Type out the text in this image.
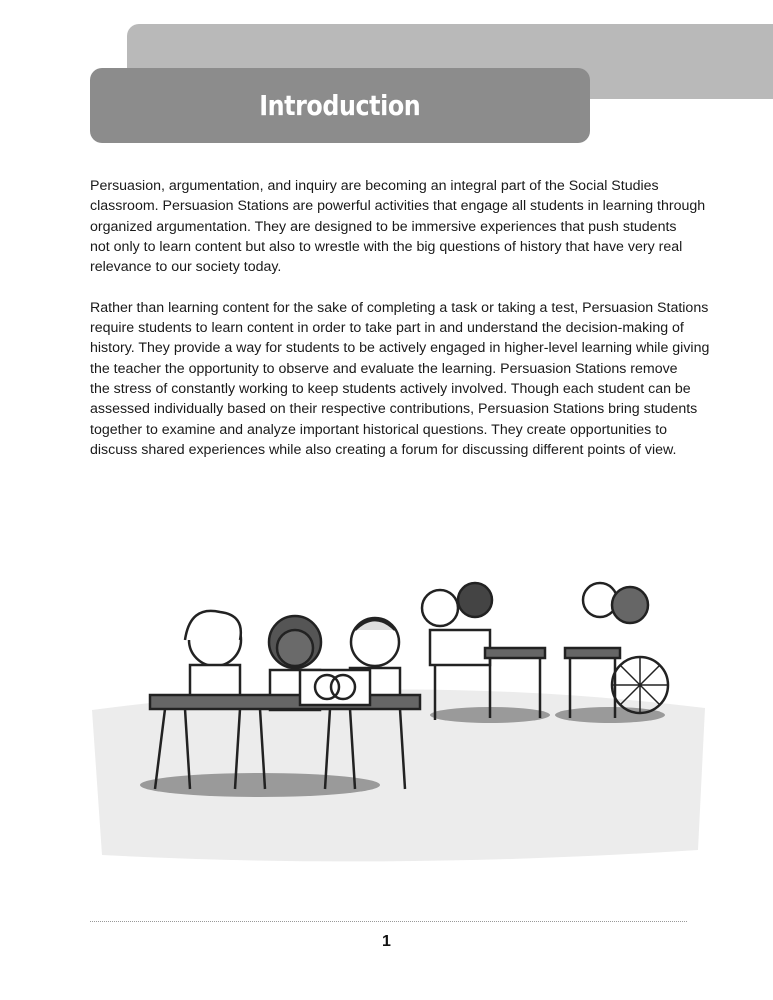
Introduction
Persuasion, argumentation, and inquiry are becoming an integral part of the Social Studies
classroom. Persuasion Stations are powerful activities that engage all students in learning through
organized argumentation. They are designed to be immersive experiences that push students
not only to learn content but also to wrestle with the big questions of history that have very real
relevance to our society today.
Rather than learning content for the sake of completing a task or taking a test, Persuasion Stations
require students to learn content in order to take part in and understand the decision-making of
history. They provide a way for students to be actively engaged in higher-level learning while giving
the teacher the opportunity to observe and evaluate the learning. Persuasion Stations remove
the stress of constantly working to keep students actively involved. Though each student can be
assessed individually based on their respective contributions, Persuasion Stations bring students
together to examine and analyze important historical questions. They create opportunities to
discuss shared experiences while also creating a forum for discussing different points of view.
1
